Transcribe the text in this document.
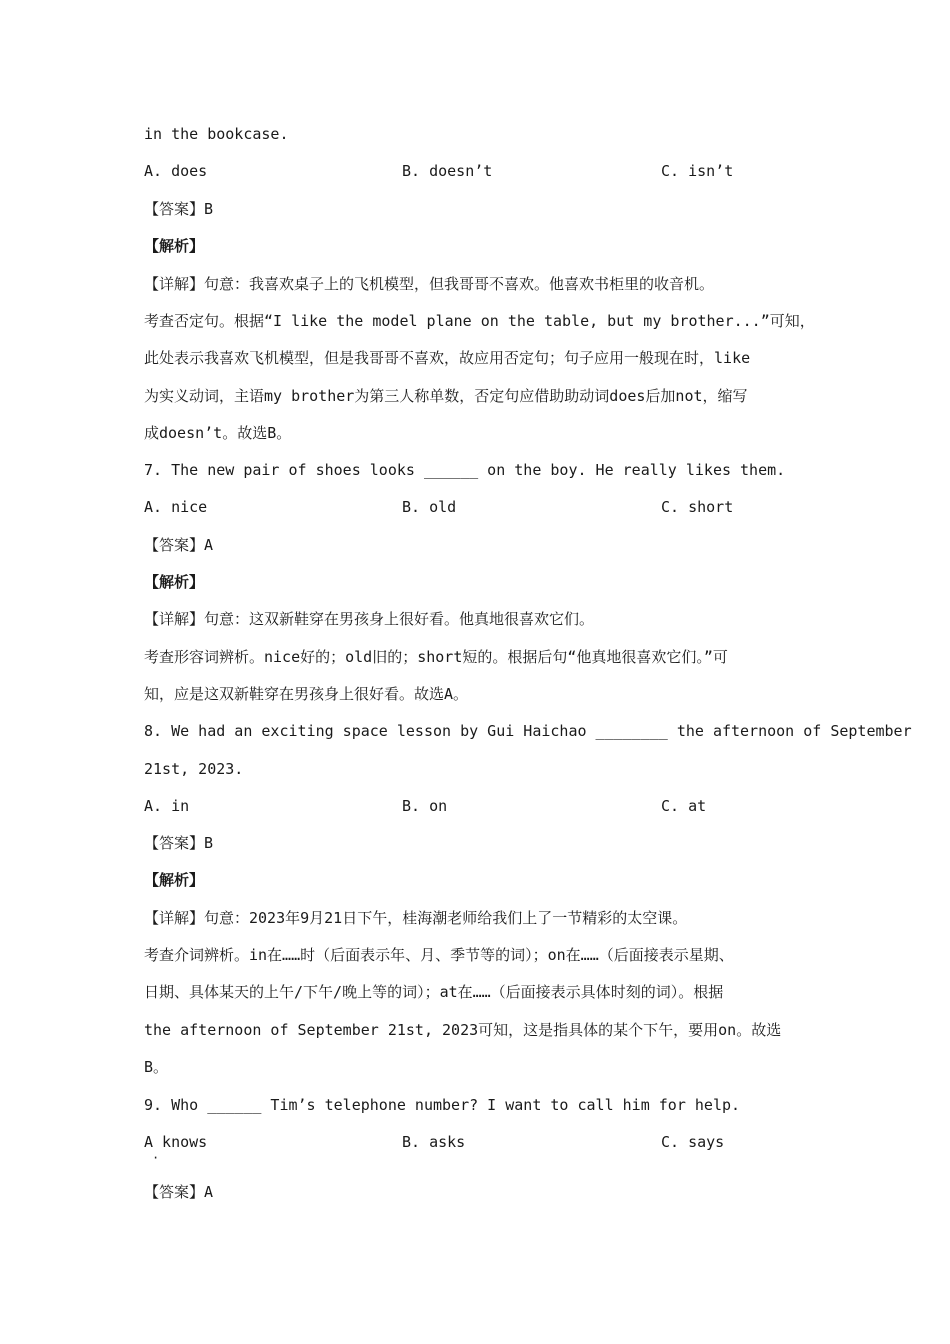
in the bookcase.
A. does	B. doesn’t	C. isn’t
【答案】B
【解析】
【详解】句意：我喜欢桌子上的飞机模型，但我哥哥不喜欢。他喜欢书柜里的收音机。
考查否定句。根据“I like the model plane on the table, but my brother...”可知，
此处表示我喜欢飞机模型，但是我哥哥不喜欢，故应用否定句；句子应用一般现在时，like
为实义动词，主语my brother为第三人称单数，否定句应借助助动词does后加not，缩写
成doesn’t。故选B。
7. The new pair of shoes looks ______ on the boy. He really likes them.
A. nice	B. old	C. short
【答案】A
【解析】
【详解】句意：这双新鞋穿在男孩身上很好看。他真地很喜欢它们。
考查形容词辨析。nice好的；old旧的；short短的。根据后句“他真地很喜欢它们。”可
知，应是这双新鞋穿在男孩身上很好看。故选A。
8. We had an exciting space lesson by Gui Haichao ________ the afternoon of September
21st, 2023.
A. in	B. on	C. at
【答案】B
【解析】
【详解】句意：2023年9月21日下午，桂海潮老师给我们上了一节精彩的太空课。
考查介词辨析。in在……时（后面表示年、月、季节等的词）；on在……（后面接表示星期、
日期、具体某天的上午/下午/晚上等的词）；at在……（后面接表示具体时刻的词）。根据
the afternoon of September 21st, 2023可知，这是指具体的某个下午，要用on。故选
B。
9. Who ______ Tim’s telephone number? I want to call him for help.
A knows	B. asks	C. says
·
【答案】A
